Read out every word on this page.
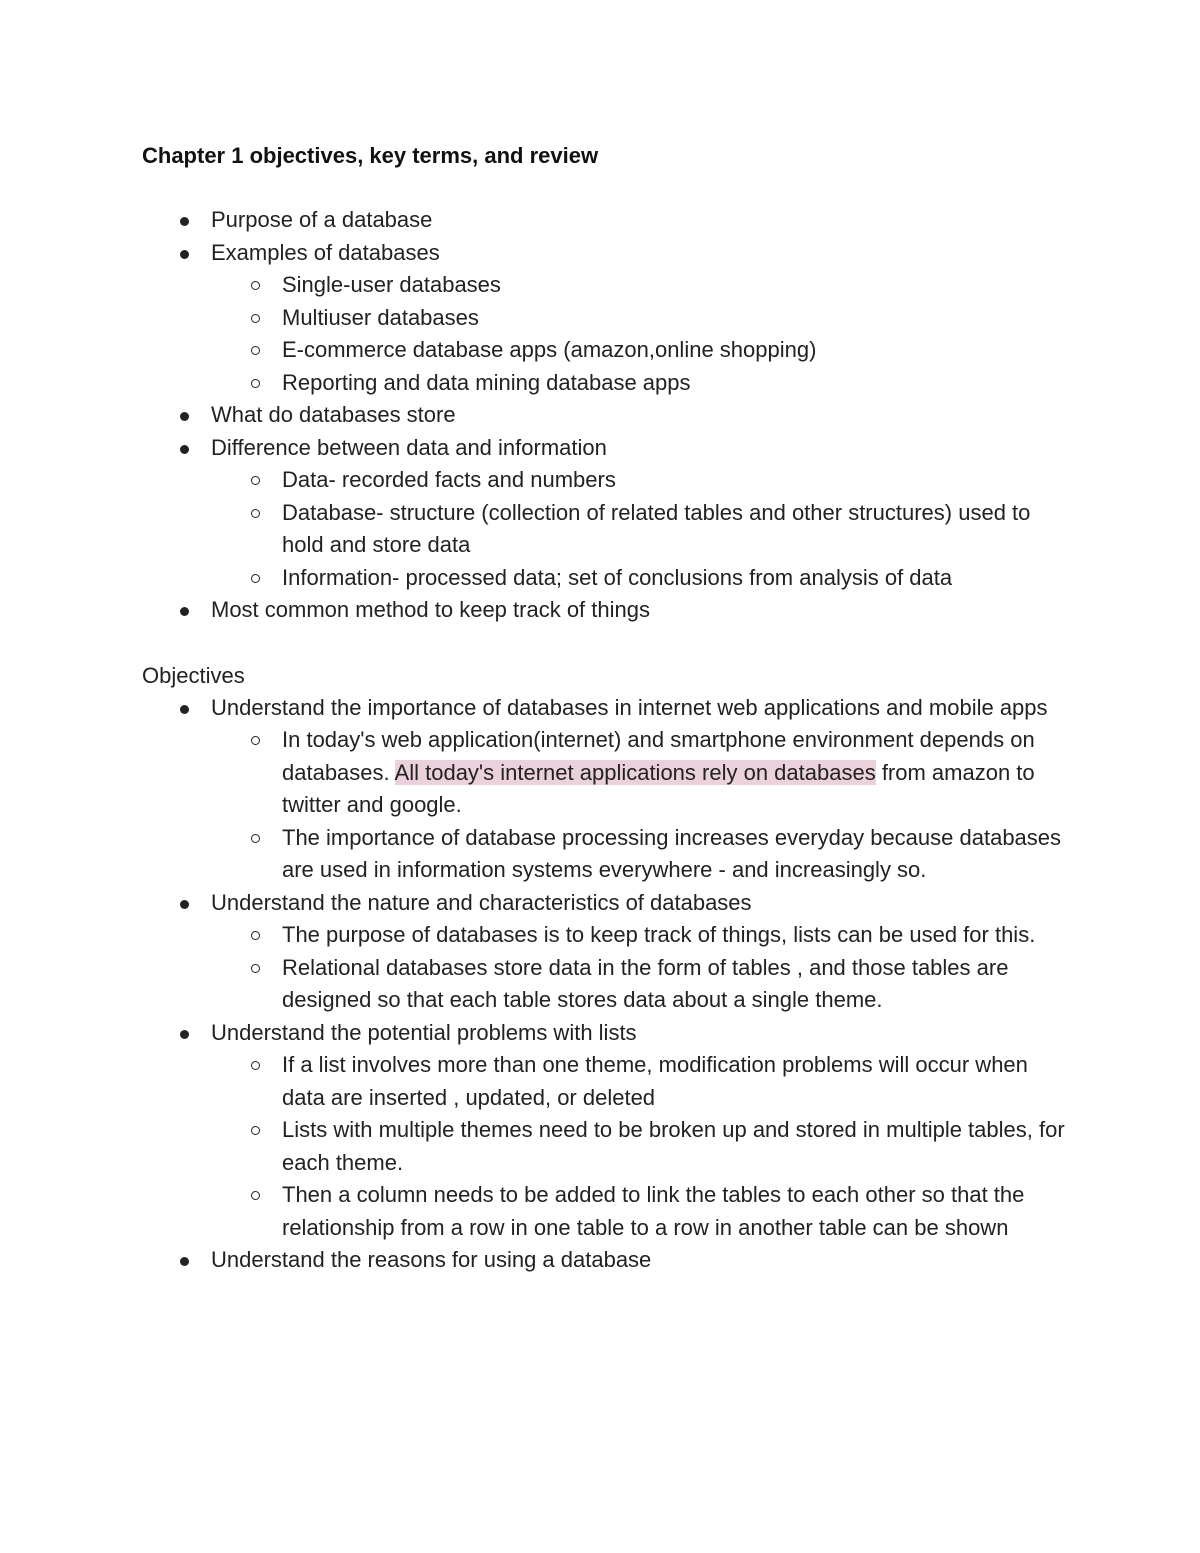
Chapter 1 objectives, key terms, and review

Purpose of a database
Examples of databases
Single-user databases
Multiuser databases
E-commerce database apps (amazon,online shopping)
Reporting and data mining database apps
What do databases store
Difference between data and information
Data- recorded facts and numbers
Database- structure (collection of related tables and other structures) used to hold and store data
Information- processed data; set of conclusions from analysis of data
Most common method to keep track of things

Objectives

Understand the importance of databases in internet web applications and mobile apps
In today's web application(internet) and smartphone environment depends on databases. All today's internet applications rely on databases from amazon to twitter and google.
The importance of database processing increases everyday because databases are used in information systems everywhere - and increasingly so.
Understand the nature and characteristics of databases
The purpose of databases is to keep track of things, lists can be used for this.
Relational databases store data in the form of tables , and those tables are designed so that each table stores data about a single theme.
Understand the potential problems with lists
If a list involves more than one theme, modification problems will occur when data are inserted , updated, or deleted
Lists with multiple themes need to be broken up and stored in multiple tables, for each theme.
Then a column needs to be added to link the tables to each other so that the relationship from a row in one table to a row in another table can be shown
Understand the reasons for using a database
